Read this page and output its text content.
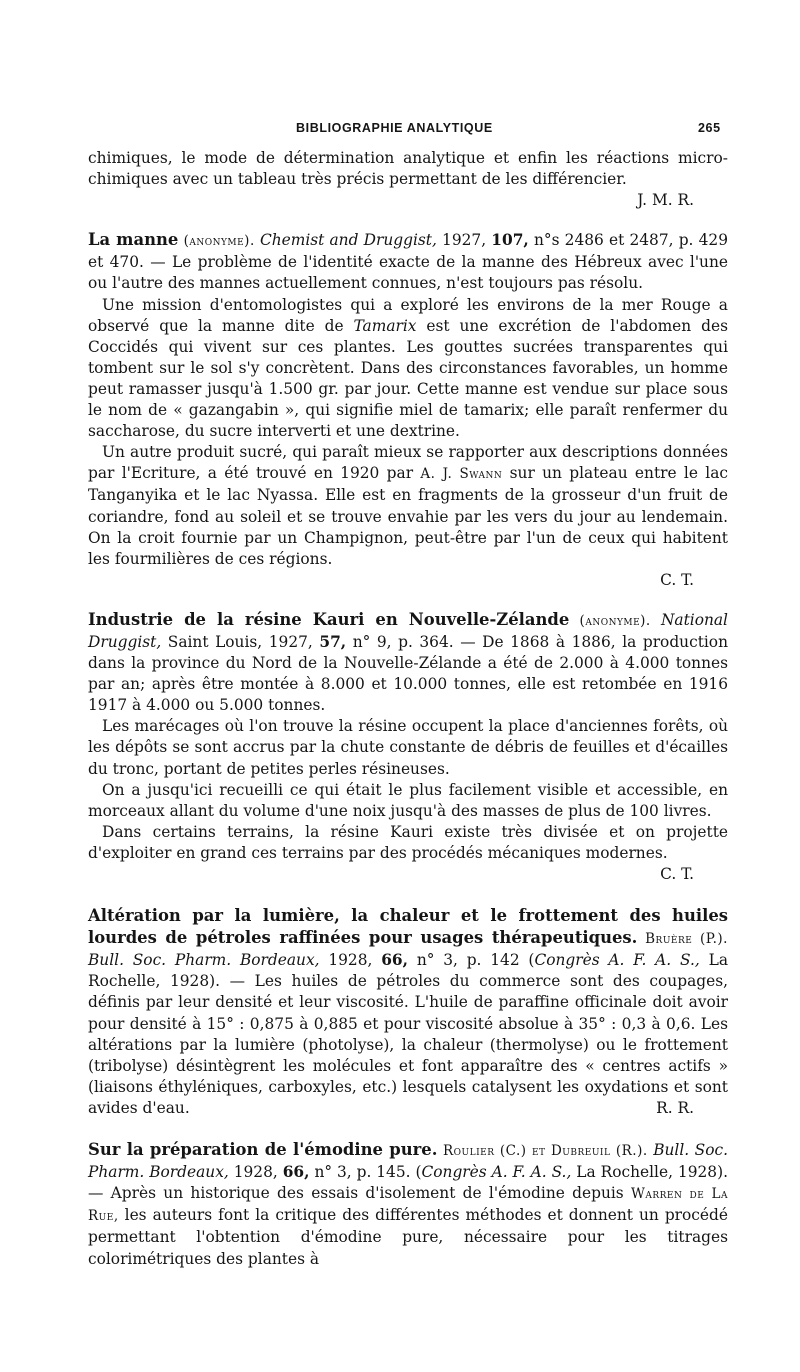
BIBLIOGRAPHIE ANALYTIQUE	265

chimiques, le mode de détermination analytique et enfin les réactions micro-chimiques avec un tableau très précis permettant de les différencier.

J. M. R.

La manne (anonyme). Chemist and Druggist, 1927, 107, n°s 2486 et 2487, p. 429 et 470. — Le problème de l'identité exacte de la manne des Hébreux avec l'une ou l'autre des mannes actuellement connues, n'est toujours pas résolu.

Une mission d'entomologistes qui a exploré les environs de la mer Rouge a observé que la manne dite de Tamarix est une excrétion de l'abdomen des Coccidés qui vivent sur ces plantes. Les gouttes sucrées transparentes qui tombent sur le sol s'y concrètent. Dans des circonstances favorables, un homme peut ramasser jusqu'à 1.500 gr. par jour. Cette manne est vendue sur place sous le nom de « gazangabin », qui signifie miel de tamarix; elle paraît renfermer du saccharose, du sucre interverti et une dextrine.

Un autre produit sucré, qui paraît mieux se rapporter aux descriptions données par l'Ecriture, a été trouvé en 1920 par A. J. Swann sur un plateau entre le lac Tanganyika et le lac Nyassa. Elle est en fragments de la grosseur d'un fruit de coriandre, fond au soleil et se trouve envahie par les vers du jour au lendemain. On la croit fournie par un Champignon, peut-être par l'un de ceux qui habitent les fourmilières de ces régions.

C. T.

Industrie de la résine Kauri en Nouvelle-Zélande (anonyme). National Druggist, Saint Louis, 1927, 57, n° 9, p. 364. — De 1868 à 1886, la production dans la province du Nord de la Nouvelle-Zélande a été de 2.000 à 4.000 tonnes par an; après être montée à 8.000 et 10.000 tonnes, elle est retombée en 1916 1917 à 4.000 ou 5.000 tonnes.

Les marécages où l'on trouve la résine occupent la place d'anciennes forêts, où les dépôts se sont accrus par la chute constante de débris de feuilles et d'écailles du tronc, portant de petites perles résineuses.

On a jusqu'ici recueilli ce qui était le plus facilement visible et accessible, en morceaux allant du volume d'une noix jusqu'à des masses de plus de 100 livres.

Dans certains terrains, la résine Kauri existe très divisée et on projette d'exploiter en grand ces terrains par des procédés mécaniques modernes.

C. T.

Altération par la lumière, la chaleur et le frottement des huiles lourdes de pétroles raffinées pour usages thérapeutiques. Bruère (P.). Bull. Soc. Pharm. Bordeaux, 1928, 66, n° 3, p. 142 (Congrès A. F. A. S., La Rochelle, 1928). — Les huiles de pétroles du commerce sont des coupages, définis par leur densité et leur viscosité. L'huile de paraffine officinale doit avoir pour densité à 15° : 0,875 à 0,885 et pour viscosité absolue à 35° : 0,3 à 0,6. Les altérations par la lumière (photolyse), la chaleur (thermolyse) ou le frottement (tribolyse) désintègrent les molécules et font apparaître des « centres actifs » (liaisons éthyléniques, carboxyles, etc.) lesquels catalysent les oxydations et sont avides d'eau.	R. R.

Sur la préparation de l'émodine pure. Roulier (C.) et Dubreuil (R.). Bull. Soc. Pharm. Bordeaux, 1928, 66, n° 3, p. 145. (Congrès A. F. A. S., La Rochelle, 1928). — Après un historique des essais d'isolement de l'émodine depuis Warren de La Rue, les auteurs font la critique des différentes méthodes et donnent un procédé permettant l'obtention d'émodine pure, nécessaire pour les titrages colorimétriques des plantes à
